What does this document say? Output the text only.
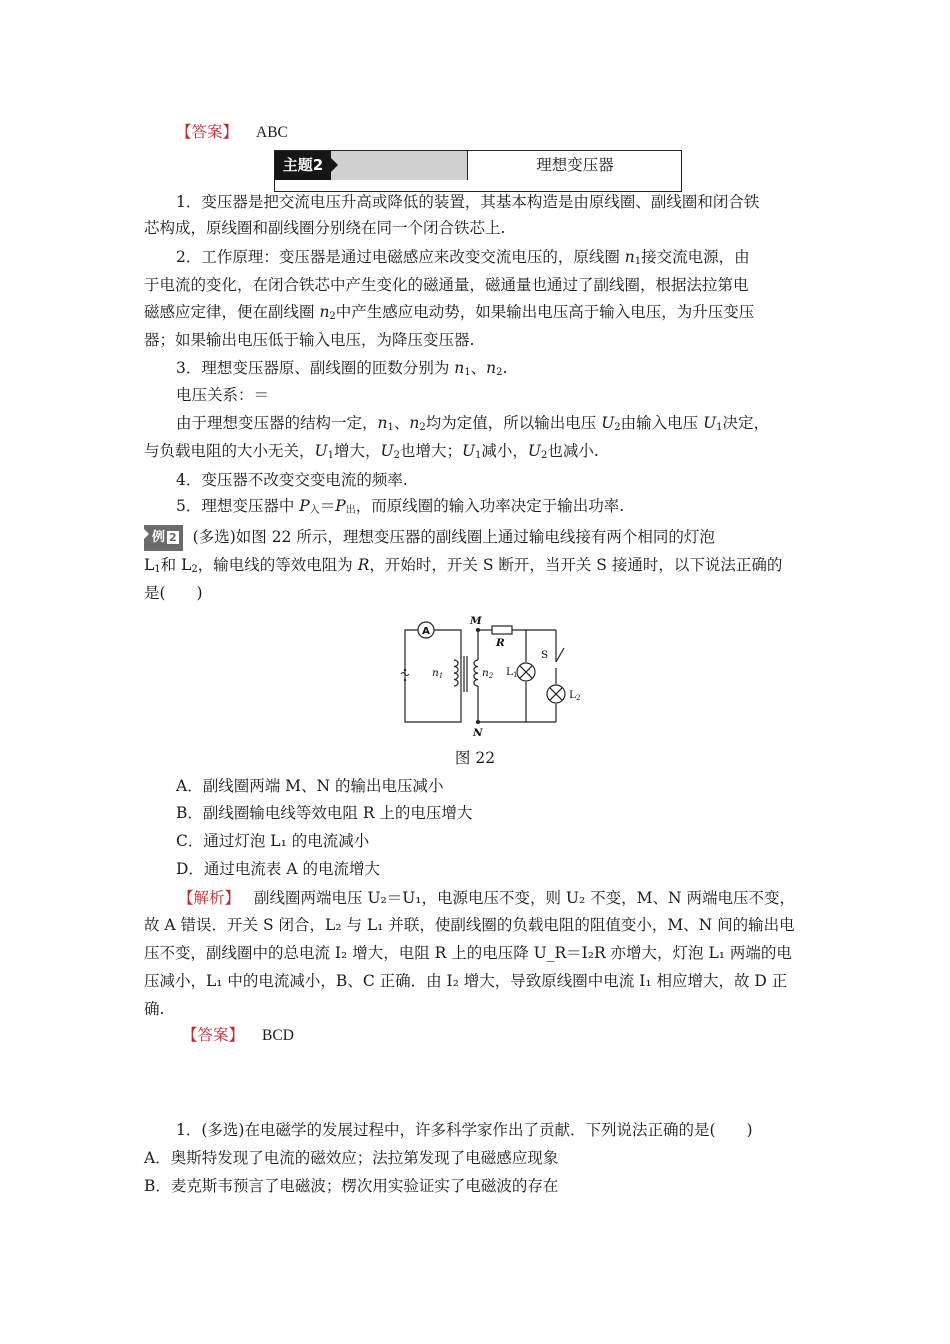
【答案】 ABC
主题2	理想变压器
1．变压器是把交流电压升高或降低的装置，其基本构造是由原线圈、副线圈和闭合铁
芯构成，原线圈和副线圈分别绕在同一个闭合铁芯上.
2．工作原理：变压器是通过电磁感应来改变交流电压的，原线圈 $n_1$接交流电源，由
于电流的变化，在闭合铁芯中产生变化的磁通量，磁通量也通过了副线圈，根据法拉第电
磁感应定律，便在副线圈 $n_2$中产生感应电动势，如果输出电压高于输入电压，为升压变压
器；如果输出电压低于输入电压，为降压变压器.
3．理想变压器原、副线圈的匝数分别为 $n_1$、$n_2$.
电压关系：＝
由于理想变压器的结构一定，$n_1$、$n_2$均为定值，所以输出电压 $U_2$由输入电压 $U_1$决定，
与负载电阻的大小无关，$U_1$增大，$U_2$也增大；$U_1$减小，$U_2$也减小.
4．变压器不改变交变电流的频率.
5．理想变压器中 $P_入=P_出$，而原线圈的输入功率决定于输出功率.
例 2 (多选)如图 22 所示，理想变压器的副线圈上通过输电线接有两个相同的灯泡
$L_1$和 $L_2$，输电线的等效电阻为 R，开始时，开关 S 断开，当开关 S 接通时，以下说法正确的
是(　　)
A
M
N
R
n1	n2 L1
L2
S
图 22
A．副线圈两端 M、N 的输出电压减小
B．副线圈输电线等效电阻 R 上的电压增大
C．通过灯泡 L₁ 的电流减小
D．通过电流表 A 的电流增大
【解析】 副线圈两端电压 U₂＝U₁，电源电压不变，则 U₂ 不变，M、N 两端电压不变，
故 A 错误．开关 S 闭合，L₂ 与 L₁ 并联，使副线圈的负载电阻的阻值变小，M、N 间的输出电
压不变，副线圈中的总电流 I₂ 增大，电阻 R 上的电压降 U_R＝I₂R 亦增大，灯泡 L₁ 两端的电
压减小，L₁ 中的电流减小，B、C 正确．由 I₂ 增大，导致原线圈中电流 I₁ 相应增大，故 D 正
确.
【答案】 BCD
1．(多选)在电磁学的发展过程中，许多科学家作出了贡献．下列说法正确的是(　　)
A．奥斯特发现了电流的磁效应；法拉第发现了电磁感应现象
B．麦克斯韦预言了电磁波；楞次用实验证实了电磁波的存在
